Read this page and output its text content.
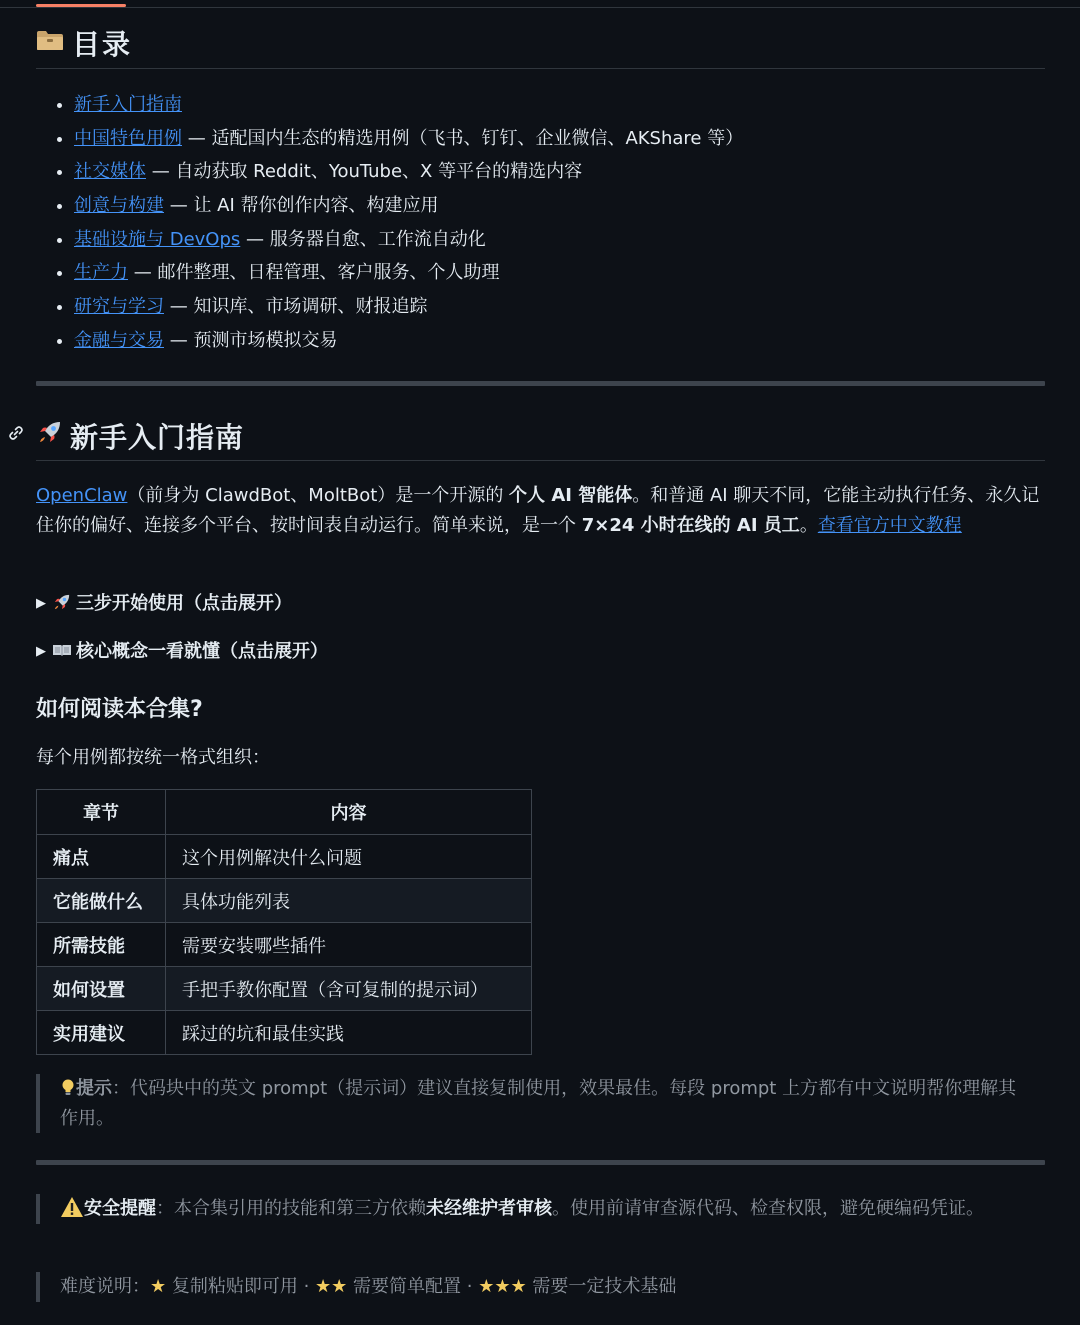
目录
• 新手入门指南
• 中国特色用例 — 适配国内生态的精选用例（飞书、钉钉、企业微信、AKShare 等）
• 社交媒体 — 自动获取 Reddit、YouTube、X 等平台的精选内容
• 创意与构建 — 让 AI 帮你创作内容、构建应用
• 基础设施与 DevOps — 服务器自愈、工作流自动化
• 生产力 — 邮件整理、日程管理、客户服务、个人助理
• 研究与学习 — 知识库、市场调研、财报追踪
• 金融与交易 — 预测市场模拟交易
新手入门指南
OpenClaw（前身为 ClawdBot、MoltBot）是一个开源的 个人 AI 智能体。和普通 AI 聊天不同，它能主动执行任务、永久记住你的偏好、连接多个平台、按时间表自动运行。简单来说，是一个 7×24 小时在线的 AI 员工。查看官方中文教程
▶ 三步开始使用（点击展开）
▶ 核心概念一看就懂（点击展开）
如何阅读本合集?
每个用例都按统一格式组织：
章节	内容
痛点	这个用例解决什么问题
它能做什么	具体功能列表
所需技能	需要安装哪些插件
如何设置	手把手教你配置（含可复制的提示词）
实用建议	踩过的坑和最佳实践
提示：代码块中的英文 prompt（提示词）建议直接复制使用，效果最佳。每段 prompt 上方都有中文说明帮你理解其作用。
安全提醒：本合集引用的技能和第三方依赖未经维护者审核。使用前请审查源代码、检查权限，避免硬编码凭证。
难度说明：★ 复制粘贴即可用 · ★★ 需要简单配置 · ★★★ 需要一定技术基础
